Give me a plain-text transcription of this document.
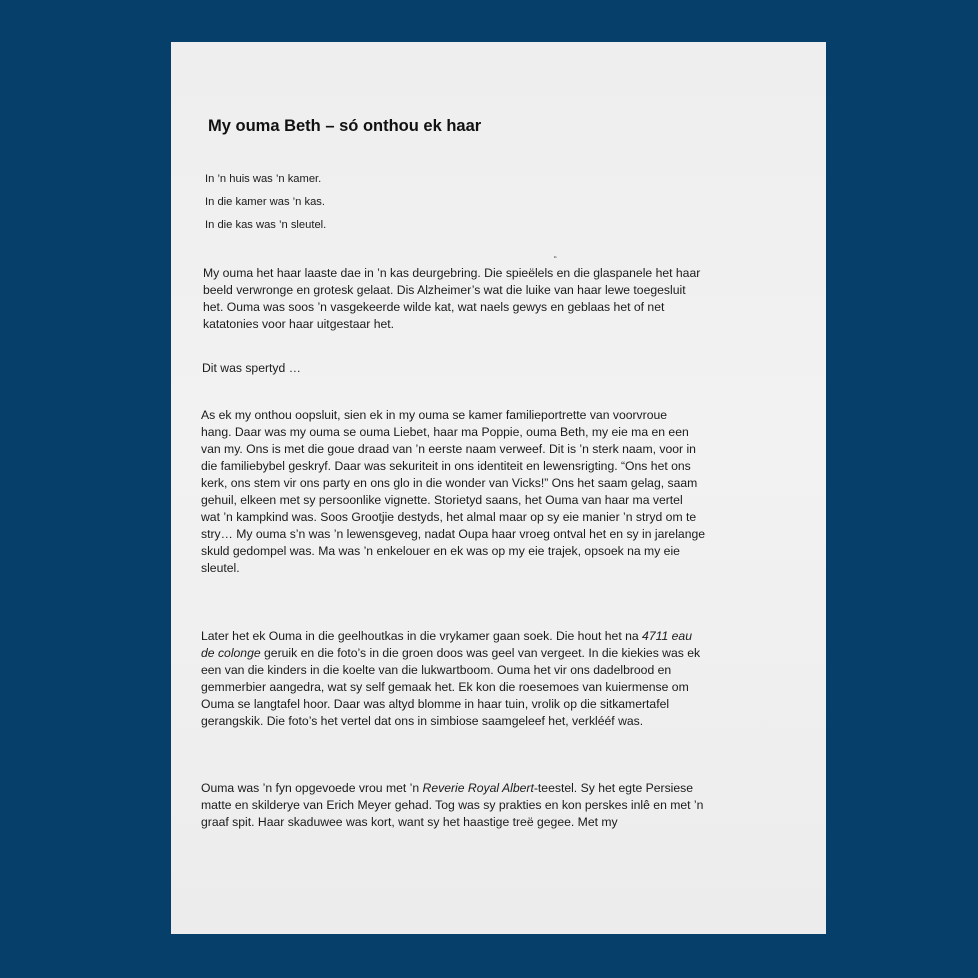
My ouma Beth – só onthou ek haar
In ’n huis was ’n kamer.
In die kamer was ’n kas.
In die kas was ’n sleutel.
“

My ouma het haar laaste dae in ’n kas deurgebring. Die spieëlels en die glaspanele het haar
beeld verwronge en grotesk gelaat. Dis Alzheimer’s wat die luike van haar lewe toegesluit
het. Ouma was soos ’n vasgekeerde wilde kat, wat naels gewys en geblaas het of net
katatonies voor haar uitgestaar het.

Dit was spertyd …

As ek my onthou oopsluit, sien ek in my ouma se kamer familieportrette van voorvroue
hang. Daar was my ouma se ouma Liebet, haar ma Poppie, ouma Beth, my eie ma en een
van my. Ons is met die goue draad van ’n eerste naam verweef. Dit is ’n sterk naam, voor in
die familiebybel geskryf. Daar was sekuriteit in ons identiteit en lewensrigting. “Ons het ons
kerk, ons stem vir ons party en ons glo in die wonder van Vicks!” Ons het saam gelag, saam
gehuil, elkeen met sy persoonlike vignette. Storietyd saans, het Ouma van haar ma vertel
wat ’n kampkind was. Soos Grootjie destyds, het almal maar op sy eie manier ’n stryd om te
stry… My ouma s’n was ’n lewensgeveg, nadat Oupa haar vroeg ontval het en sy in jarelange
skuld gedompel was. Ma was ’n enkelouer en ek was op my eie trajek, opsoek na my eie
sleutel.

Later het ek Ouma in die geelhoutkas in die vrykamer gaan soek. Die hout het na 4711 eau
de colonge geruik en die foto’s in die groen doos was geel van vergeet. In die kiekies was ek
een van die kinders in die koelte van die lukwartboom. Ouma het vir ons dadelbrood en
gemmerbier aangedra, wat sy self gemaak het. Ek kon die roesemoes van kuiermense om
Ouma se langtafel hoor. Daar was altyd blomme in haar tuin, vrolik op die sitkamertafel
gerangskik. Die foto’s het vertel dat ons in simbiose saamgeleef het, verklééf was.

Ouma was ’n fyn opgevoede vrou met ’n Reverie Royal Albert-teestel. Sy het egte Persiese
matte en skilderye van Erich Meyer gehad. Tog was sy prakties en kon perskes inlê en met ’n
graaf spit. Haar skaduwee was kort, want sy het haastige treë gegee. Met my
